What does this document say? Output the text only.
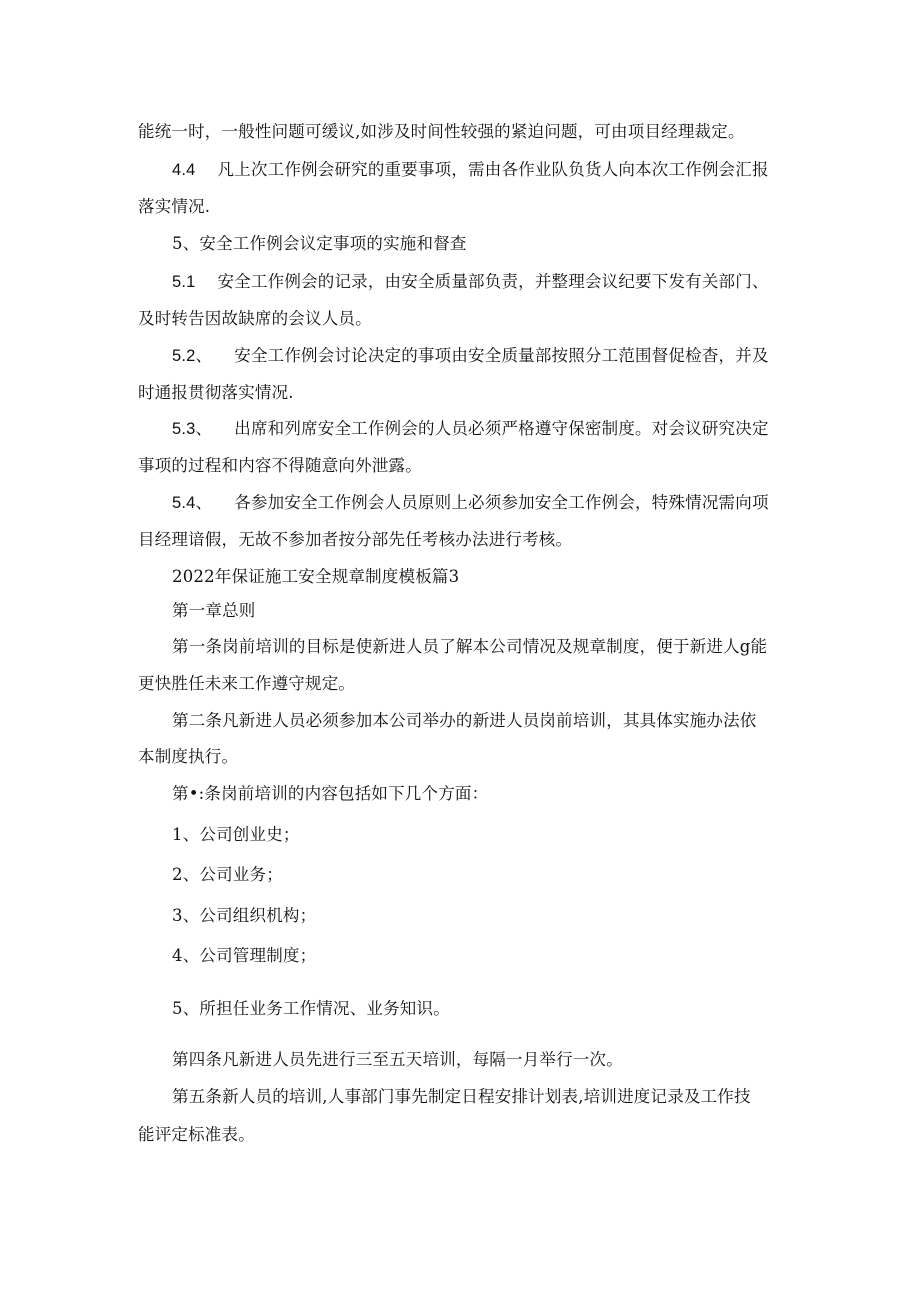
能统一时，一般性问题可缓议,如涉及时间性较强的紧迫问题，可由项目经理裁定。
4.4 凡上次工作例会研究的重要事项，需由各作业队负货人向本次工作例会汇报
落实情况.
5、安全工作例会议定事项的实施和督查
5.1 安全工作例会的记录，由安全质量部负责，并整理会议纪要下发有关部门、
及时转告因故缺席的会议人员。
5.2、 安全工作例会讨论决定的事项由安全质量部按照分工范围督促检杳，并及
时通报贯彻落实情况.
5.3、 出席和列席安全工作例会的人员必须严格遵守保密制度。对会议研究决定
事项的过程和内容不得随意向外泄露。
5.4、 各参加安全工作例会人员原则上必须参加安全工作例会，特殊情况需向项
目经理谙假，无故不参加者按分部先任考核办法进行考核。
2022年保证施工安全规章制度模板篇3
第一章总则
第一条岗前培训的目标是使新进人员了解本公司情况及规章制度，便于新进人g能
更快胜任未来工作遵守规定。
第二条凡新进人员必须参加本公司举办的新进人员岗前培训，其具体实施办法依
本制度执行。
第•:条岗前培训的内容包括如下几个方面：
1、公司创业史；
2、公司业务；
3、公司组织机构；
4、公司管理制度；
5、所担任业务工作情况、业务知识。
第四条凡新进人员先进行三至五天培训，每隔一月举行一次。
第五条新人员的培训,人事部门事先制定日程安排计划表,培训进度记录及工作技
能评定标准表。
